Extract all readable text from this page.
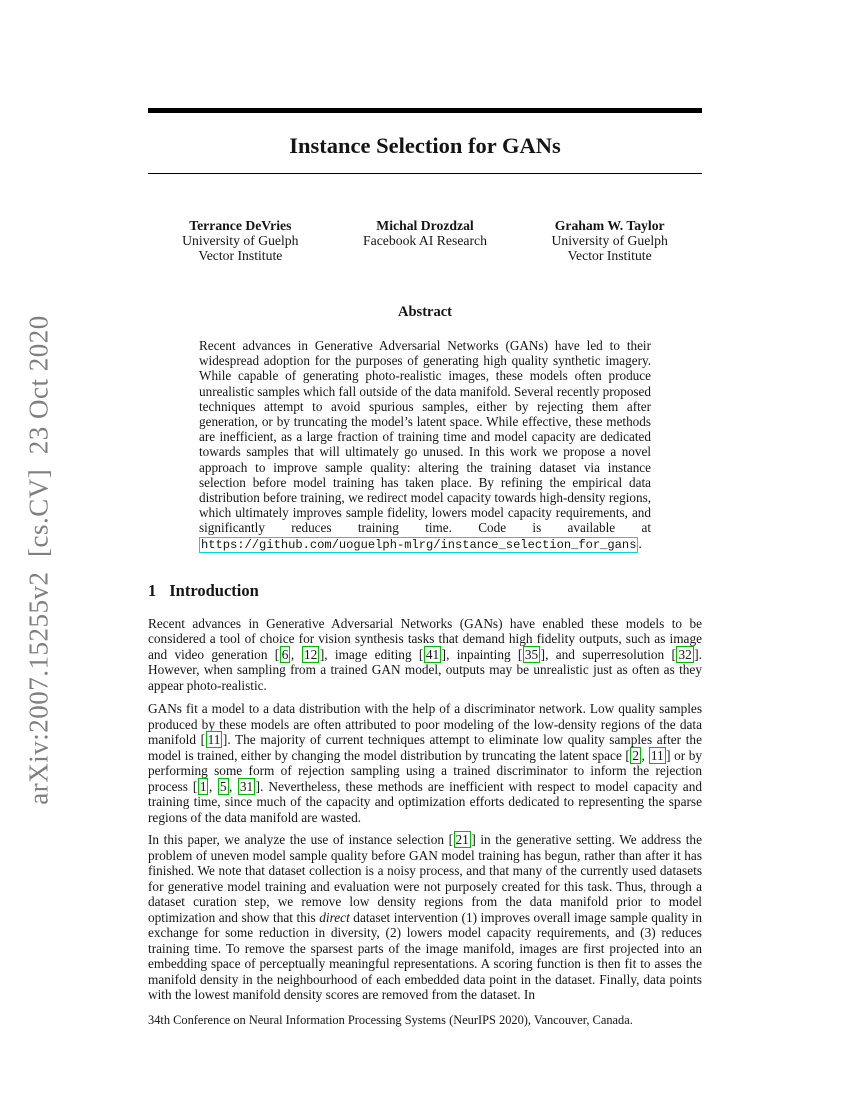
arXiv:2007.15255v2  [cs.CV]  23 Oct 2020
Instance Selection for GANs
Terrance DeVries
University of Guelph
Vector Institute
Michal Drozdzal
Facebook AI Research
Graham W. Taylor
University of Guelph
Vector Institute
Abstract

Recent advances in Generative Adversarial Networks (GANs) have led to their widespread adoption for the purposes of generating high quality synthetic imagery. While capable of generating photo-realistic images, these models often produce unrealistic samples which fall outside of the data manifold. Several recently proposed techniques attempt to avoid spurious samples, either by rejecting them after generation, or by truncating the model’s latent space. While effective, these methods are inefficient, as a large fraction of training time and model capacity are dedicated towards samples that will ultimately go unused. In this work we propose a novel approach to improve sample quality: altering the training dataset via instance selection before model training has taken place. By refining the empirical data distribution before training, we redirect model capacity towards high-density regions, which ultimately improves sample fidelity, lowers model capacity requirements, and significantly reduces training time. Code is available at https://github.com/uoguelph-mlrg/instance_selection_for_gans .

1 Introduction

Recent advances in Generative Adversarial Networks (GANs) have enabled these models to be considered a tool of choice for vision synthesis tasks that demand high fidelity outputs, such as image and video generation [ 6 , 12 ], image editing [ 41 ], inpainting [ 35 ], and superresolution [ 32 ]. However, when sampling from a trained GAN model, outputs may be unrealistic just as often as they appear photo-realistic.

GANs fit a model to a data distribution with the help of a discriminator network. Low quality samples produced by these models are often attributed to poor modeling of the low-density regions of the data manifold [ 11 ]. The majority of current techniques attempt to eliminate low quality samples after the model is trained, either by changing the model distribution by truncating the latent space [ 2 , 11 ] or by performing some form of rejection sampling using a trained discriminator to inform the rejection process [ 1 , 5 , 31 ]. Nevertheless, these methods are inefficient with respect to model capacity and training time, since much of the capacity and optimization efforts dedicated to representing the sparse regions of the data manifold are wasted.

In this paper, we analyze the use of instance selection [ 21 ] in the generative setting. We address the problem of uneven model sample quality before GAN model training has begun, rather than after it has finished. We note that dataset collection is a noisy process, and that many of the currently used datasets for generative model training and evaluation were not purposely created for this task. Thus, through a dataset curation step, we remove low density regions from the data manifold prior to model optimization and show that this direct dataset intervention (1) improves overall image sample quality in exchange for some reduction in diversity, (2) lowers model capacity requirements, and (3) reduces training time. To remove the sparsest parts of the image manifold, images are first projected into an embedding space of perceptually meaningful representations. A scoring function is then fit to asses the manifold density in the neighbourhood of each embedded data point in the dataset. Finally, data points with the lowest manifold density scores are removed from the dataset. In

34th Conference on Neural Information Processing Systems (NeurIPS 2020), Vancouver, Canada.
